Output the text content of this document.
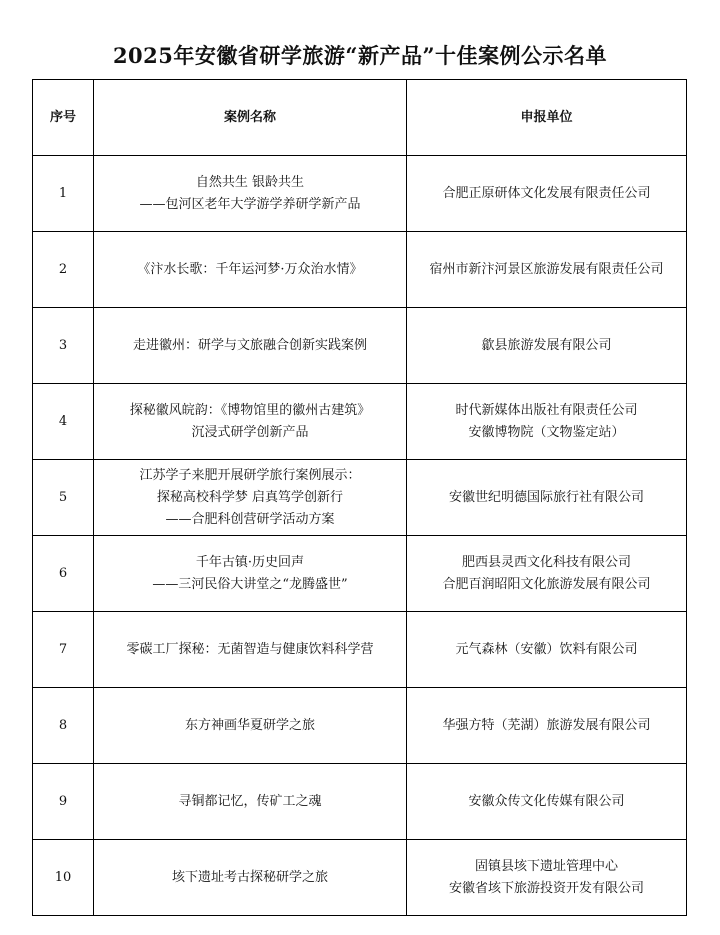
2025年安徽省研学旅游“新产品”十佳案例公示名单
序号	案例名称	申报单位
1	自然共生 银龄共生
——包河区老年大学游学养研学新产品	合肥正原研体文化发展有限责任公司

2	《汴水长歌：千年运河梦·万众治水情》	宿州市新汴河景区旅游发展有限责任公司

3	走进徽州：研学与文旅融合创新实践案例	歙县旅游发展有限公司

4	探秘徽风皖韵：《博物馆里的徽州古建筑》
沉浸式研学创新产品	时代新媒体出版社有限责任公司
安徽博物院（文物鉴定站）

5	江苏学子来肥开展研学旅行案例展示：
探秘高校科学梦 启真笃学创新行
——合肥科创营研学活动方案	安徽世纪明德国际旅行社有限公司

6	千年古镇·历史回声
——三河民俗大讲堂之“龙腾盛世”	肥西县灵西文化科技有限公司
合肥百润昭阳文化旅游发展有限公司

7	零碳工厂探秘：无菌智造与健康饮料科学营	元气森林（安徽）饮料有限公司

8	东方神画华夏研学之旅	华强方特（芜湖）旅游发展有限公司

9	寻铜都记忆，传矿工之魂	安徽众传文化传媒有限公司

10	垓下遗址考古探秘研学之旅	固镇县垓下遗址管理中心
安徽省垓下旅游投资开发有限公司
